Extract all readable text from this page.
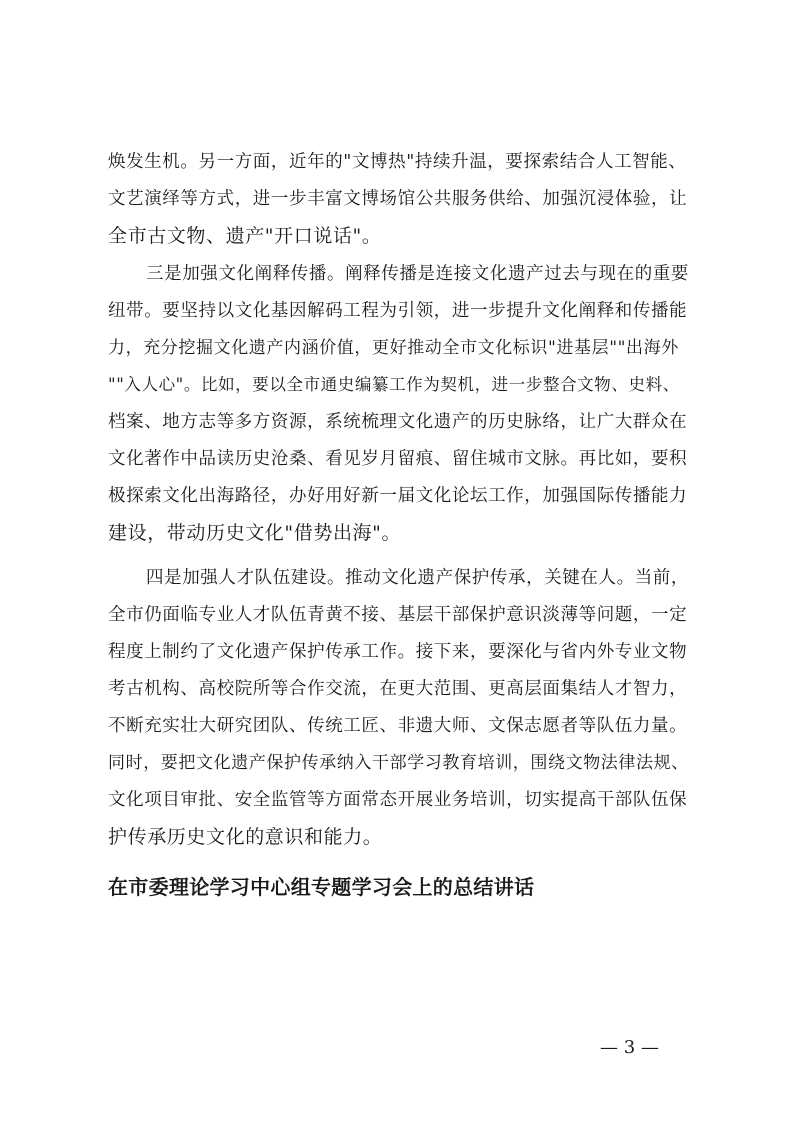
焕发生机。另一方面，近年的"文博热"持续升温，要探索结合人工智能、
文艺演绎等方式，进一步丰富文博场馆公共服务供给、加强沉浸体验，让
全市古文物、遗产"开口说话"。
三是加强文化阐释传播。阐释传播是连接文化遗产过去与现在的重要
纽带。要坚持以文化基因解码工程为引领，进一步提升文化阐释和传播能
力，充分挖掘文化遗产内涵价值，更好推动全市文化标识"进基层""出海外
""入人心"。比如，要以全市通史编纂工作为契机，进一步整合文物、史料、
档案、地方志等多方资源，系统梳理文化遗产的历史脉络，让广大群众在
文化著作中品读历史沧桑、看见岁月留痕、留住城市文脉。再比如，要积
极探索文化出海路径，办好用好新一届文化论坛工作，加强国际传播能力
建设，带动历史文化"借势出海"。
四是加强人才队伍建设。推动文化遗产保护传承，关键在人。当前，
全市仍面临专业人才队伍青黄不接、基层干部保护意识淡薄等问题，一定
程度上制约了文化遗产保护传承工作。接下来，要深化与省内外专业文物
考古机构、高校院所等合作交流，在更大范围、更高层面集结人才智力，
不断充实壮大研究团队、传统工匠、非遗大师、文保志愿者等队伍力量。
同时，要把文化遗产保护传承纳入干部学习教育培训，围绕文物法律法规、
文化项目审批、安全监管等方面常态开展业务培训，切实提高干部队伍保
护传承历史文化的意识和能力。
在市委理论学习中心组专题学习会上的总结讲话
— 3 —
